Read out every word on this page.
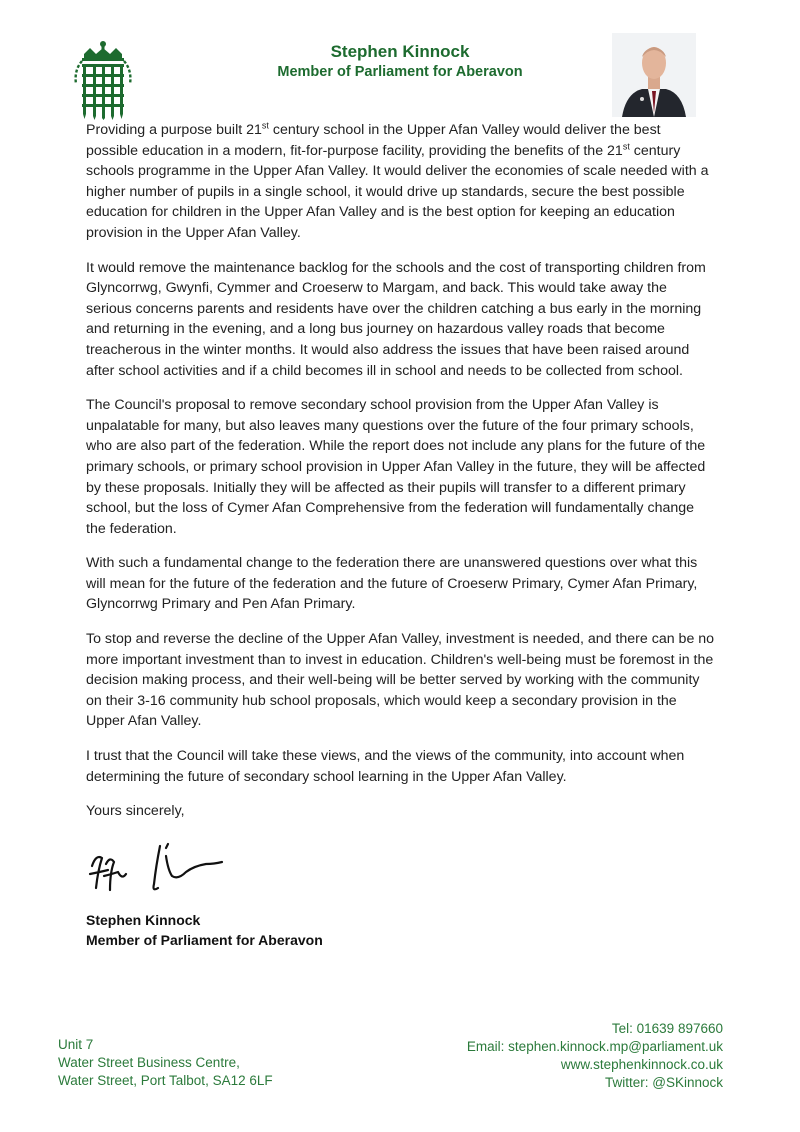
Stephen Kinnock
Member of Parliament for Aberavon

Providing a purpose built 21st century school in the Upper Afan Valley would deliver the best possible education in a modern, fit-for-purpose facility, providing the benefits of the 21st century schools programme in the Upper Afan Valley. It would deliver the economies of scale needed with a higher number of pupils in a single school, it would drive up standards, secure the best possible education for children in the Upper Afan Valley and is the best option for keeping an education provision in the Upper Afan Valley.

It would remove the maintenance backlog for the schools and the cost of transporting children from Glyncorrwg, Gwynfi, Cymmer and Croeserw to Margam, and back. This would take away the serious concerns parents and residents have over the children catching a bus early in the morning and returning in the evening, and a long bus journey on hazardous valley roads that become treacherous in the winter months. It would also address the issues that have been raised around after school activities and if a child becomes ill in school and needs to be collected from school.

The Council's proposal to remove secondary school provision from the Upper Afan Valley is unpalatable for many, but also leaves many questions over the future of the four primary schools, who are also part of the federation. While the report does not include any plans for the future of the primary schools, or primary school provision in Upper Afan Valley in the future, they will be affected by these proposals. Initially they will be affected as their pupils will transfer to a different primary school, but the loss of Cymer Afan Comprehensive from the federation will fundamentally change the federation.

With such a fundamental change to the federation there are unanswered questions over what this will mean for the future of the federation and the future of Croeserw Primary, Cymer Afan Primary, Glyncorrwg Primary and Pen Afan Primary.

To stop and reverse the decline of the Upper Afan Valley, investment is needed, and there can be no more important investment than to invest in education. Children's well-being must be foremost in the decision making process, and their well-being will be better served by working with the community on their 3-16 community hub school proposals, which would keep a secondary provision in the Upper Afan Valley.

I trust that the Council will take these views, and the views of the community, into account when determining the future of secondary school learning in the Upper Afan Valley.

Yours sincerely,

Stephen Kinnock
Member of Parliament for Aberavon
Unit 7
Water Street Business Centre,
Water Street, Port Talbot, SA12 6LF
Tel: 01639 897660
Email: stephen.kinnock.mp@parliament.uk
www.stephenkinnock.co.uk
Twitter: @SKinnock
